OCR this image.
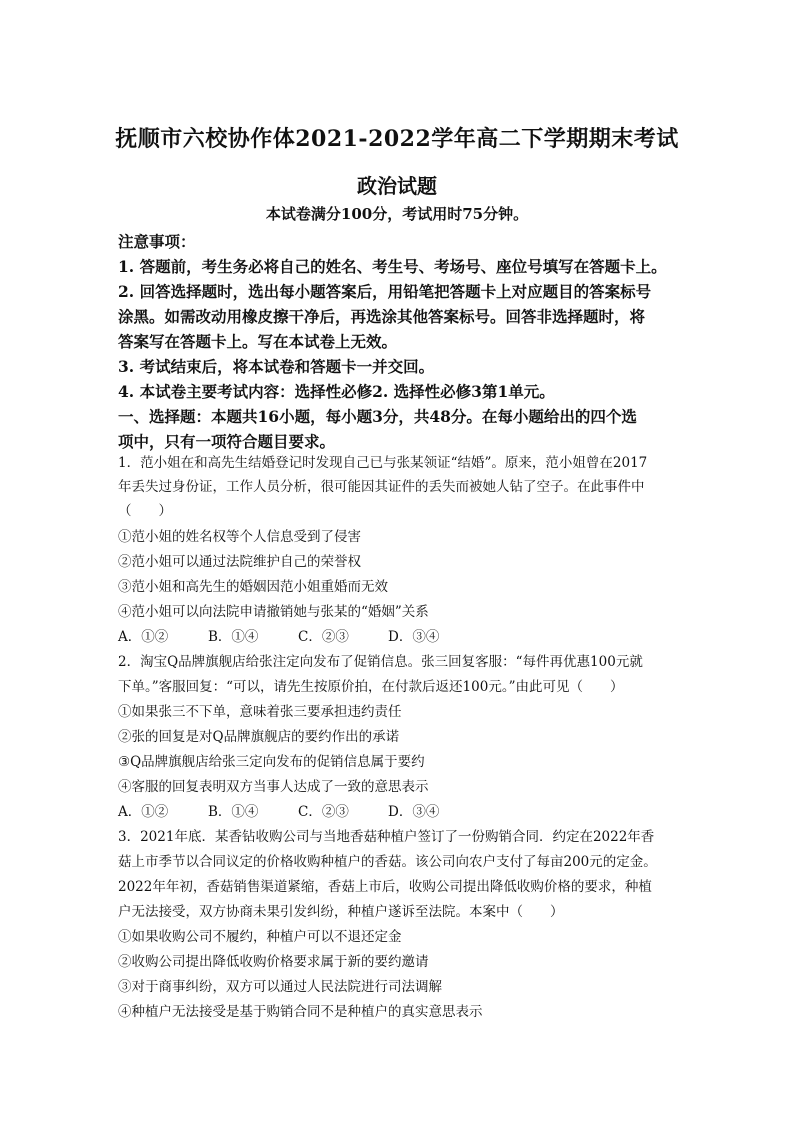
抚顺市六校协作体2021-2022学年高二下学期期末考试
政治试题
本试卷满分100分，考试用时75分钟。
注意事项：
1. 答题前，考生务必将自己的姓名、考生号、考场号、座位号填写在答题卡上。
2. 回答选择题时，选出每小题答案后，用铅笔把答题卡上对应题目的答案标号
涂黑。如需改动用橡皮擦干净后，再选涂其他答案标号。回答非选择题时，将
答案写在答题卡上。写在本试卷上无效。
3. 考试结束后，将本试卷和答题卡一并交回。
4. 本试卷主要考试内容：选择性必修2. 选择性必修3第1单元。
一、选择题：本题共16小题，每小题3分，共48分。在每小题给出的四个选
项中，只有一项符合题目要求。
1．范小姐在和高先生结婚登记时发现自己已与张某领证“结婚”。原来，范小姐曾在2017
年丢失过身份证，工作人员分析，很可能因其证件的丢失而被她人钻了空子。在此事件中
（　　）
①范小姐的姓名权等个人信息受到了侵害
②范小姐可以通过法院维护自己的荣誉权
③范小姐和高先生的婚姻因范小姐重婚而无效
④范小姐可以向法院申请撤销她与张某的“婚姻”关系
A．①②	B．①④	C．②③	D．③④
2．淘宝Q品牌旗舰店给张注定向发布了促销信息。张三回复客服：“每件再优惠100元就
下单。”客服回复：“可以，请先生按原价拍，在付款后返还100元。”由此可见（　　）
①如果张三不下单，意味着张三要承担违约责任
②张的回复是对Q品牌旗舰店的要约作出的承诺
③Q品牌旗舰店给张三定向发布的促销信息属于要约
④客服的回复表明双方当事人达成了一致的意思表示
A．①②	B．①④	C．②③	D．③④
3．2021年底．某香钻收购公司与当地香菇种植户签订了一份购销合同．约定在2022年香
菇上市季节以合同议定的价格收购种植户的香菇。该公司向农户支付了每亩200元的定金。
2022年年初，香菇销售渠道紧缩，香菇上市后，收购公司提出降低收购价格的要求，种植
户无法接受，双方协商未果引发纠纷，种植户遂诉至法院。本案中（　　）
①如果收购公司不履约，种植户可以不退还定金
②收购公司提出降低收购价格要求属于新的要约邀请
③对于商事纠纷，双方可以通过人民法院进行司法调解
④种植户无法接受是基于购销合同不是种植户的真实意思表示
